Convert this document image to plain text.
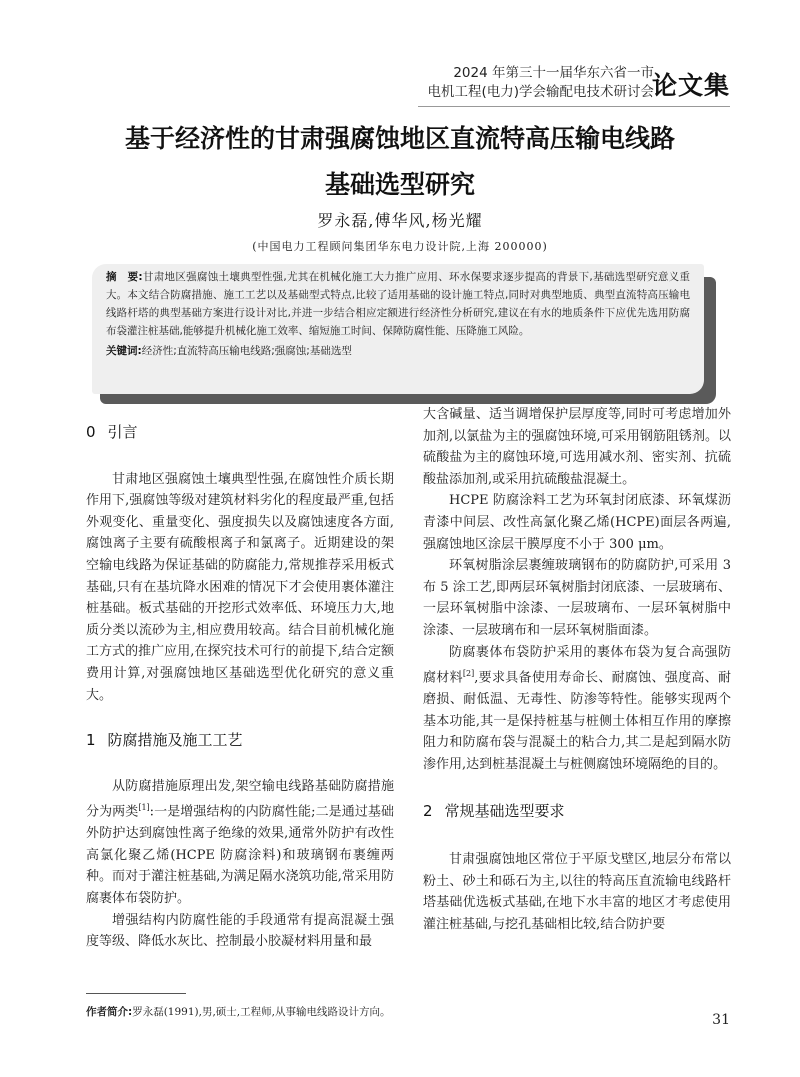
2024 年第三十一届华东六省一市
电机工程(电力)学会输配电技术研讨会
论文集
基于经济性的甘肃强腐蚀地区直流特高压输电线路
基础选型研究
罗永磊,傅华风,杨光耀
(中国电力工程顾问集团华东电力设计院,上海 200000)
摘　要:甘肃地区强腐蚀土壤典型性强,尤其在机械化施工大力推广应用、环水保要求逐步提高的背景下,基础选型研究意义重大。本文结合防腐措施、施工工艺以及基础型式特点,比较了适用基础的设计施工特点,同时对典型地质、典型直流特高压输电线路杆塔的典型基础方案进行设计对比,并进一步结合相应定额进行经济性分析研究,建议在有水的地质条件下应优先选用防腐布袋灌注桩基础,能够提升机械化施工效率、缩短施工时间、保障防腐性能、压降施工风险。
关键词:经济性;直流特高压输电线路;强腐蚀;基础选型
0 引言

甘肃地区强腐蚀土壤典型性强,在腐蚀性介质长期作用下,强腐蚀等级对建筑材料劣化的程度最严重,包括外观变化、重量变化、强度损失以及腐蚀速度各方面,腐蚀离子主要有硫酸根离子和氯离子。近期建设的架空输电线路为保证基础的防腐能力,常规推荐采用板式基础,只有在基坑降水困难的情况下才会使用裹体灌注桩基础。板式基础的开挖形式效率低、环境压力大,地质分类以流砂为主,相应费用较高。结合目前机械化施工方式的推广应用,在探究技术可行的前提下,结合定额费用计算,对强腐蚀地区基础选型优化研究的意义重大。

1 防腐措施及施工工艺

从防腐措施原理出发,架空输电线路基础防腐措施分为两类[1]:一是增强结构的内防腐性能;二是通过基础外防护达到腐蚀性离子绝缘的效果,通常外防护有改性高氯化聚乙烯(HCPE 防腐涂料)和玻璃钢布裹缠两种。而对于灌注桩基础,为满足隔水浇筑功能,常采用防腐裹体布袋防护。

增强结构内防腐性能的手段通常有提高混凝土强度等级、降低水灰比、控制最小胶凝材料用量和最

大含碱量、适当调增保护层厚度等,同时可考虑增加外加剂,以氯盐为主的强腐蚀环境,可采用钢筋阻锈剂。以硫酸盐为主的腐蚀环境,可选用减水剂、密实剂、抗硫酸盐添加剂,或采用抗硫酸盐混凝土。

HCPE 防腐涂料工艺为环氧封闭底漆、环氧煤沥青漆中间层、改性高氯化聚乙烯(HCPE)面层各两遍,强腐蚀地区涂层干膜厚度不小于 300 μm。

环氧树脂涂层裹缠玻璃钢布的防腐防护,可采用 3 布 5 涂工艺,即两层环氧树脂封闭底漆、一层玻璃布、一层环氧树脂中涂漆、一层玻璃布、一层环氧树脂中涂漆、一层玻璃布和一层环氧树脂面漆。

防腐裹体布袋防护采用的裹体布袋为复合高强防腐材料[2],要求具备使用寿命长、耐腐蚀、强度高、耐磨损、耐低温、无毒性、防渗等特性。能够实现两个基本功能,其一是保持桩基与桩侧土体相互作用的摩擦阻力和防腐布袋与混凝土的粘合力,其二是起到隔水防渗作用,达到桩基混凝土与桩侧腐蚀环境隔绝的目的。

2 常规基础选型要求

甘肃强腐蚀地区常位于平原戈壁区,地层分布常以粉土、砂土和砾石为主,以往的特高压直流输电线路杆塔基础优选板式基础,在地下水丰富的地区才考虑使用灌注桩基础,与挖孔基础相比较,结合防护要

作者简介:罗永磊(1991),男,硕士,工程师,从事输电线路设计方向。	31
